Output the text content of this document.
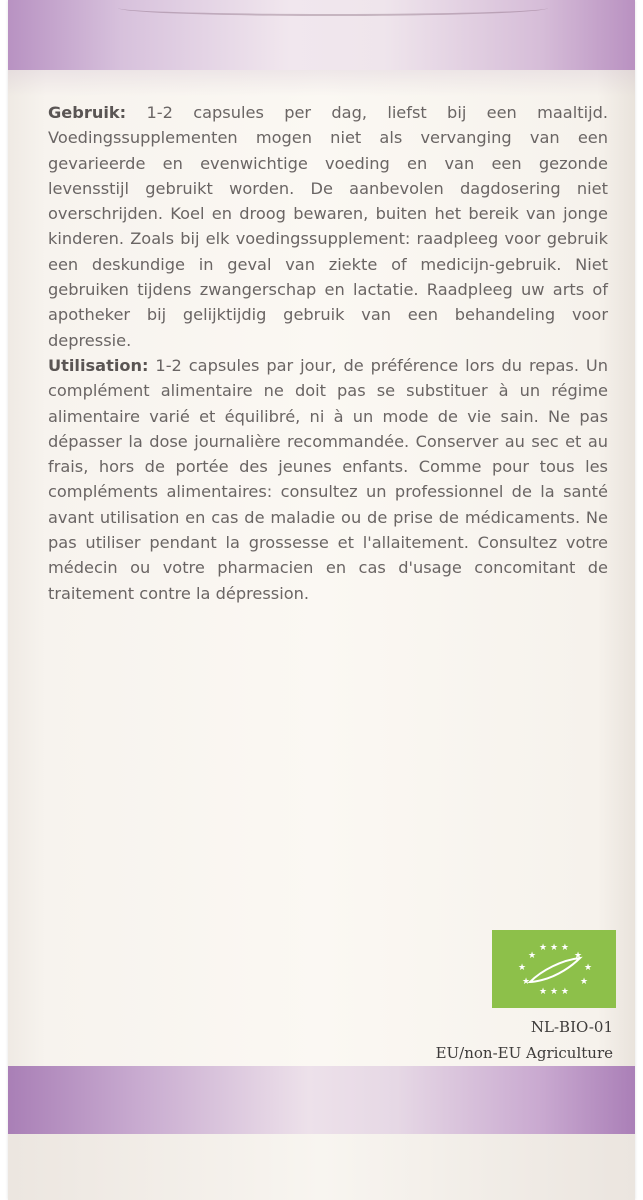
Gebruik: 1-2 capsules per dag, liefst bij een maaltijd. Voedingssupplementen mogen niet als vervanging van een gevarieerde en evenwichtige voeding en van een gezonde levensstijl gebruikt worden. De aanbevolen dagdosering niet overschrijden. Koel en droog bewaren, buiten het bereik van jonge kinderen. Zoals bij elk voedingssupplement: raadpleeg voor gebruik een deskundige in geval van ziekte of medicijn-gebruik. Niet gebruiken tijdens zwangerschap en lactatie. Raadpleeg uw arts of apotheker bij gelijktijdig gebruik van een behandeling voor depressie.

Utilisation: 1-2 capsules par jour, de préférence lors du repas. Un complément alimentaire ne doit pas se substituer à un régime alimentaire varié et équilibré, ni à un mode de vie sain. Ne pas dépasser la dose journalière recommandée. Conserver au sec et au frais, hors de portée des jeunes enfants. Comme pour tous les compléments alimentaires: consultez un professionnel de la santé avant utilisation en cas de maladie ou de prise de médicaments. Ne pas utiliser pendant la grossesse et l'allaitement. Consultez votre médecin ou votre pharmacien en cas d'usage concomitant de traitement contre la dépression.

★ ★ ★
★	★
★	★
★	★
★ ★ ★
NL-BIO-01
EU/non-EU Agriculture
